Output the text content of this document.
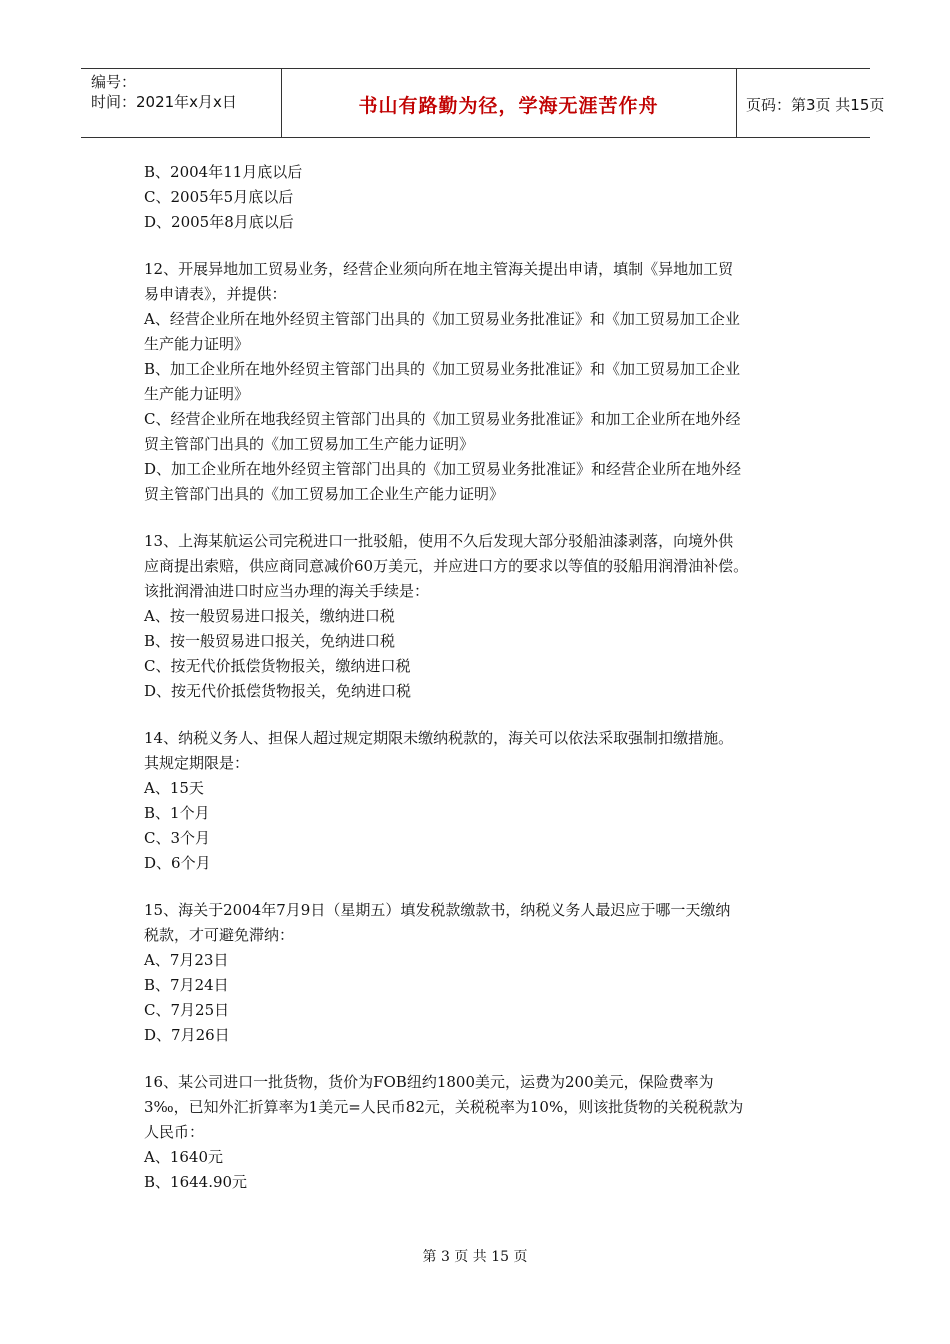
编号：
时间：2021年x月x日	书山有路勤为径，学海无涯苦作舟	页码：第3页 共15页
B、2004年11月底以后
C、2005年5月底以后
D、2005年8月底以后
12、开展异地加工贸易业务，经营企业须向所在地主管海关提出申请，填制《异地加工贸
易申请表》，并提供：
A、经营企业所在地外经贸主管部门出具的《加工贸易业务批准证》和《加工贸易加工企业
生产能力证明》
B、加工企业所在地外经贸主管部门出具的《加工贸易业务批准证》和《加工贸易加工企业
生产能力证明》
C、经营企业所在地我经贸主管部门出具的《加工贸易业务批准证》和加工企业所在地外经
贸主管部门出具的《加工贸易加工生产能力证明》
D、加工企业所在地外经贸主管部门出具的《加工贸易业务批准证》和经营企业所在地外经
贸主管部门出具的《加工贸易加工企业生产能力证明》
13、上海某航运公司完税进口一批驳船，使用不久后发现大部分驳船油漆剥落，向境外供
应商提出索赔，供应商同意减价60万美元，并应进口方的要求以等值的驳船用润滑油补偿。
该批润滑油进口时应当办理的海关手续是：
A、按一般贸易进口报关，缴纳进口税
B、按一般贸易进口报关，免纳进口税
C、按无代价抵偿货物报关，缴纳进口税
D、按无代价抵偿货物报关，免纳进口税
14、纳税义务人、担保人超过规定期限未缴纳税款的，海关可以依法采取强制扣缴措施。
其规定期限是：
A、15天
B、1个月
C、3个月
D、6个月
15、海关于2004年7月9日（星期五）填发税款缴款书，纳税义务人最迟应于哪一天缴纳
税款，才可避免滞纳：
A、7月23日
B、7月24日
C、7月25日
D、7月26日
16、某公司进口一批货物，货价为FOB纽约1800美元，运费为200美元，保险费率为
3‰，已知外汇折算率为1美元=人民币82元，关税税率为10%，则该批货物的关税税款为
人民币：
A、1640元
B、1644.90元
第 3 页 共 15 页
